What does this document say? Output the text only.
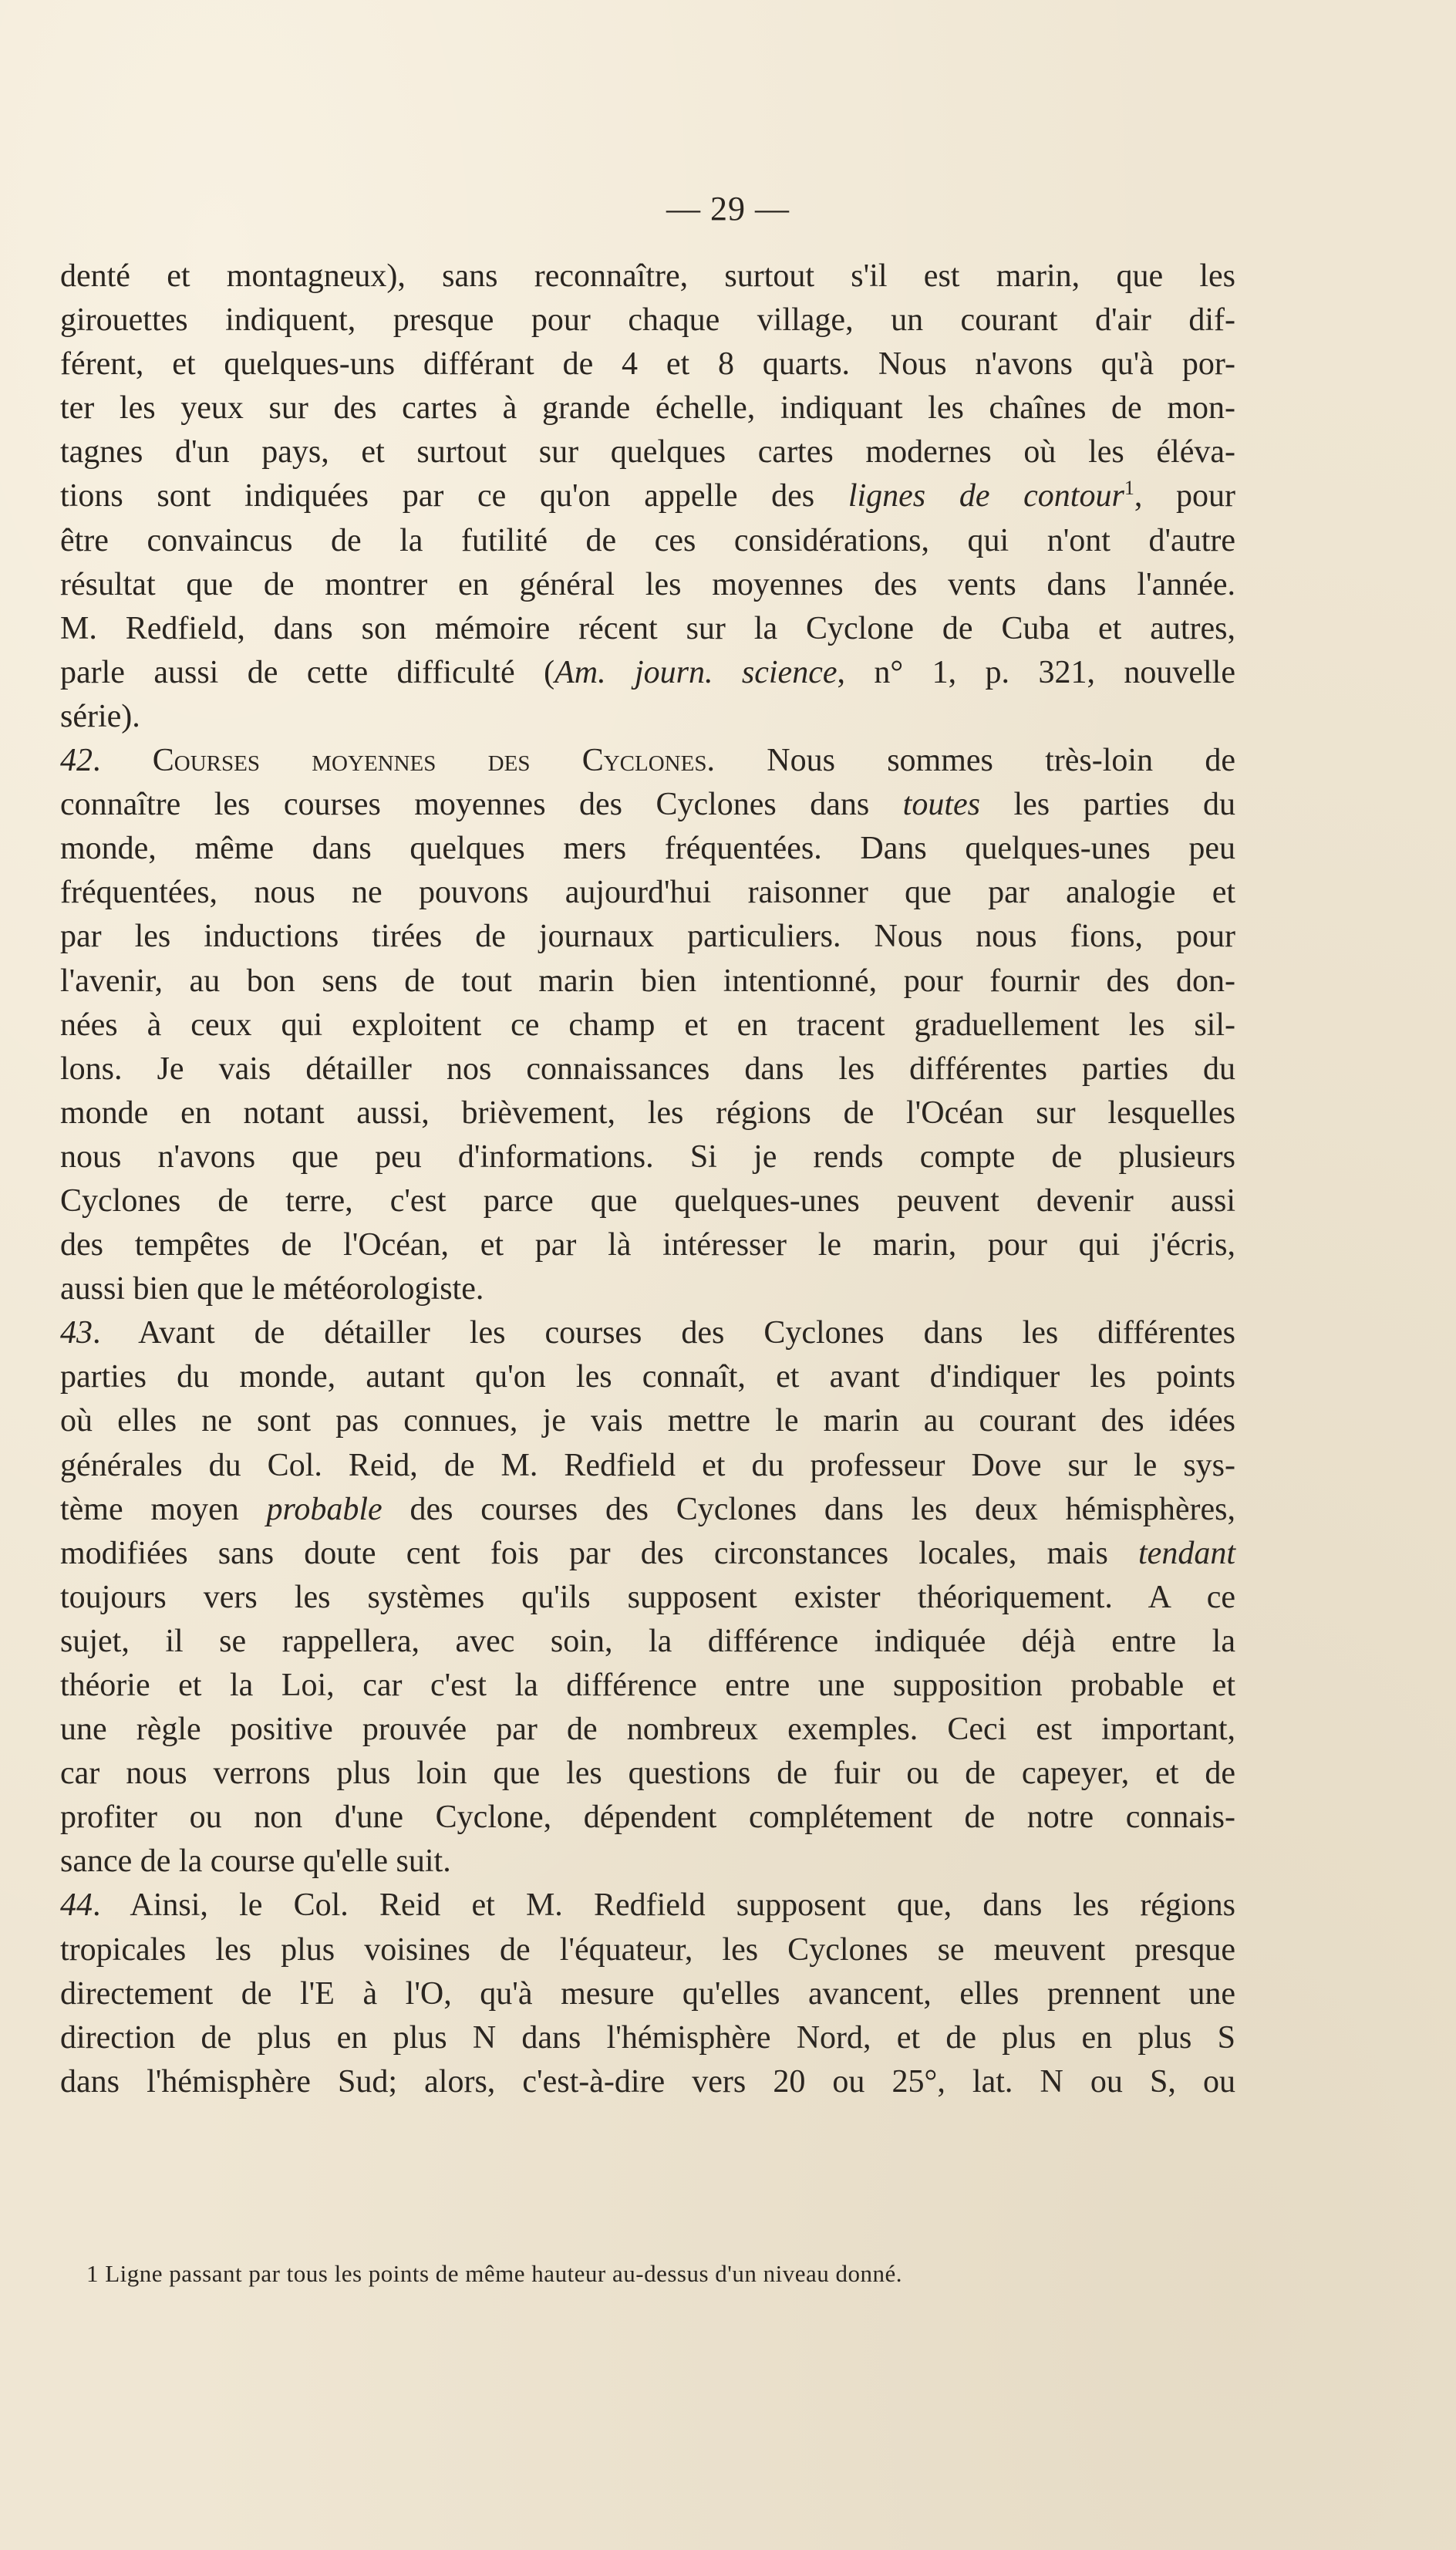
— 29 —
denté et montagneux), sans reconnaître, surtout s'il est marin, que les
girouettes indiquent, presque pour chaque village, un courant d'air dif-
férent, et quelques-uns différant de 4 et 8 quarts. Nous n'avons qu'à por-
ter les yeux sur des cartes à grande échelle, indiquant les chaînes de mon-
tagnes d'un pays, et surtout sur quelques cartes modernes où les éléva-
tions sont indiquées par ce qu'on appelle des lignes de contour$^1$, pour
être convaincus de la futilité de ces considérations, qui n'ont d'autre
résultat que de montrer en général les moyennes des vents dans l'année.
M. Redfield, dans son mémoire récent sur la Cyclone de Cuba et autres,
parle aussi de cette difficulté (Am. journ. science, n° 1, p. 321, nouvelle
série).
42. Courses moyennes des Cyclones. Nous sommes très-loin de
connaître les courses moyennes des Cyclones dans toutes les parties du
monde, même dans quelques mers fréquentées. Dans quelques-unes peu
fréquentées, nous ne pouvons aujourd'hui raisonner que par analogie et
par les inductions tirées de journaux particuliers. Nous nous fions, pour
l'avenir, au bon sens de tout marin bien intentionné, pour fournir des don-
nées à ceux qui exploitent ce champ et en tracent graduellement les sil-
lons. Je vais détailler nos connaissances dans les différentes parties du
monde en notant aussi, brièvement, les régions de l'Océan sur lesquelles
nous n'avons que peu d'informations. Si je rends compte de plusieurs
Cyclones de terre, c'est parce que quelques-unes peuvent devenir aussi
des tempêtes de l'Océan, et par là intéresser le marin, pour qui j'écris,
aussi bien que le météorologiste.
43. Avant de détailler les courses des Cyclones dans les différentes
parties du monde, autant qu'on les connaît, et avant d'indiquer les points
où elles ne sont pas connues, je vais mettre le marin au courant des idées
générales du Col. Reid, de M. Redfield et du professeur Dove sur le sys-
tème moyen probable des courses des Cyclones dans les deux hémisphères,
modifiées sans doute cent fois par des circonstances locales, mais tendant
toujours vers les systèmes qu'ils supposent exister théoriquement. A ce
sujet, il se rappellera, avec soin, la différence indiquée déjà entre la
théorie et la Loi, car c'est la différence entre une supposition probable et
une règle positive prouvée par de nombreux exemples. Ceci est important,
car nous verrons plus loin que les questions de fuir ou de capeyer, et de
profiter ou non d'une Cyclone, dépendent complétement de notre connais-
sance de la course qu'elle suit.
44. Ainsi, le Col. Reid et M. Redfield supposent que, dans les régions
tropicales les plus voisines de l'équateur, les Cyclones se meuvent presque
directement de l'E à l'O, qu'à mesure qu'elles avancent, elles prennent une
direction de plus en plus N dans l'hémisphère Nord, et de plus en plus S
dans l'hémisphère Sud; alors, c'est-à-dire vers 20 ou 25°, lat. N ou S, ou
1 Ligne passant par tous les points de même hauteur au-dessus d'un niveau donné.
